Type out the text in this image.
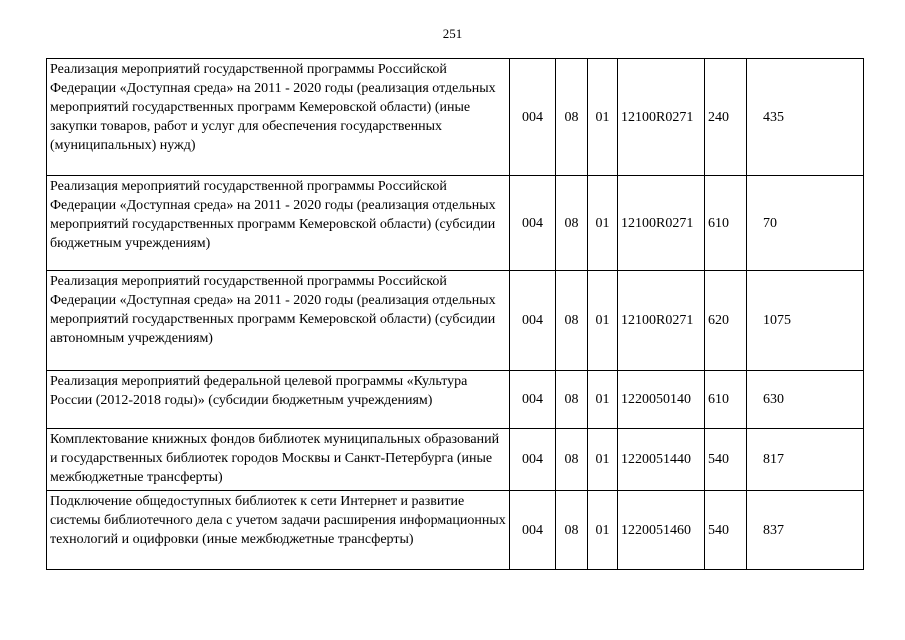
251
Реализация мероприятий государственной программы Российской Федерации «Доступная среда» на 2011 - 2020 годы (реализация отдельных мероприятий государственных программ Кемеровской области) (иные закупки товаров, работ и услуг для обеспечения государственных (муниципальных) нужд)	004	08	01	12100R0271	240	435
Реализация мероприятий государственной программы Российской Федерации «Доступная среда» на 2011 - 2020 годы (реализация отдельных мероприятий государственных программ Кемеровской области) (субсидии бюджетным учреждениям)	004	08	01	12100R0271	610	70
Реализация мероприятий государственной программы Российской Федерации «Доступная среда» на 2011 - 2020 годы (реализация отдельных мероприятий государственных программ Кемеровской области) (субсидии автономным учреждениям)	004	08	01	12100R0271	620	1075
Реализация мероприятий федеральной целевой программы «Культура России (2012-2018 годы)» (субсидии бюджетным учреждениям)	004	08	01	1220050140	610	630
Комплектование книжных фондов библиотек муниципальных образований и государственных библиотек городов Москвы и Санкт-Петербурга (иные межбюджетные трансферты)	004	08	01	1220051440	540	817
Подключение общедоступных библиотек к сети Интернет и развитие системы библиотечного дела с учетом задачи расширения информационных технологий и оцифровки (иные межбюджетные трансферты)	004	08	01	1220051460	540	837
